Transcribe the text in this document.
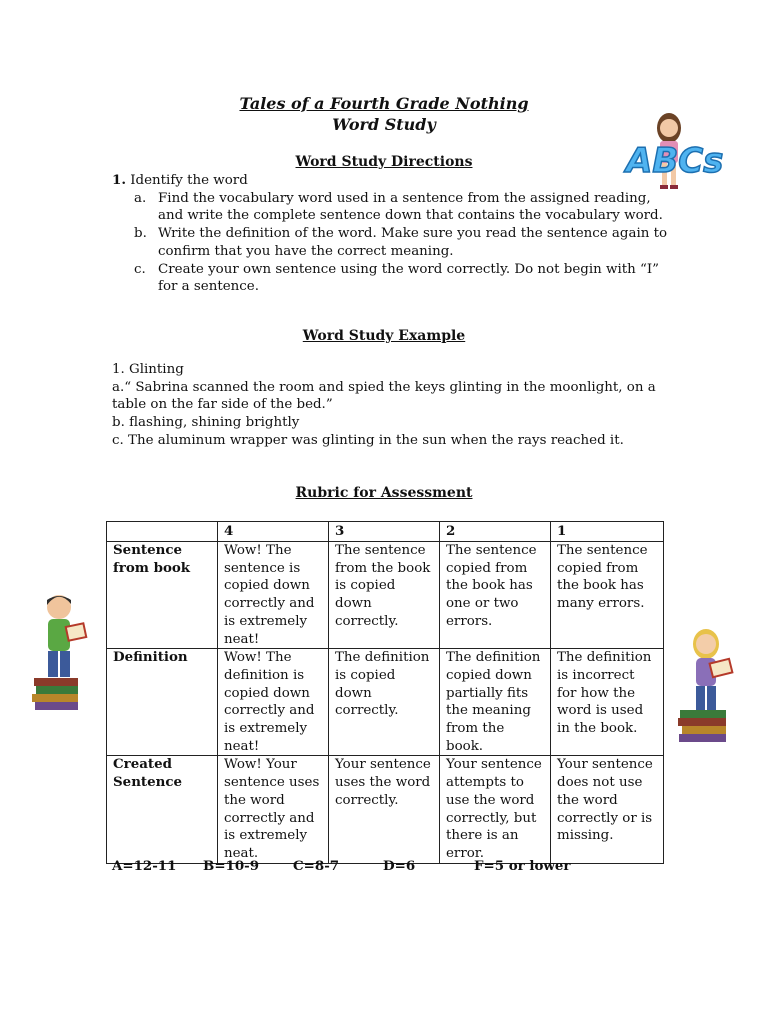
Tales of a Fourth Grade Nothing
Word Study
ABCs
Word Study Directions
1. Identify the word
a. Find the vocabulary word used in a sentence from the assigned reading, and write the complete sentence down that contains the vocabulary word.
b. Write the definition of the word. Make sure you read the sentence again to confirm that you have the correct meaning.
c. Create your own sentence using the word correctly. Do not begin with “I” for a sentence.
Word Study Example
1. Glinting
a.“ Sabrina scanned the room and spied the keys glinting in the moonlight, on a table on the far side of the bed.”
b. flashing, shining brightly
c. The aluminum wrapper was glinting in the sun when the rays reached it.
Rubric for Assessment
	4	3	2	1
Sentence from book	Wow! The sentence is copied down correctly and is extremely neat!	The sentence from the book is copied down correctly.	The sentence copied from the book has one or two errors.	The sentence copied from the book has many errors.
Definition	Wow! The definition is copied down correctly and is extremely neat!	The definition is copied down correctly.	The definition copied down partially fits the meaning from the book.	The definition is incorrect for how the word is used in the book.
Created Sentence	Wow! Your sentence uses the word correctly and is extremely neat.	Your sentence uses the word correctly.	Your sentence attempts to use the word correctly, but there is an error.	Your sentence does not use the word correctly or is missing.
A=12-11 B=10-9	C=8-7	D=6	F=5 or lower
